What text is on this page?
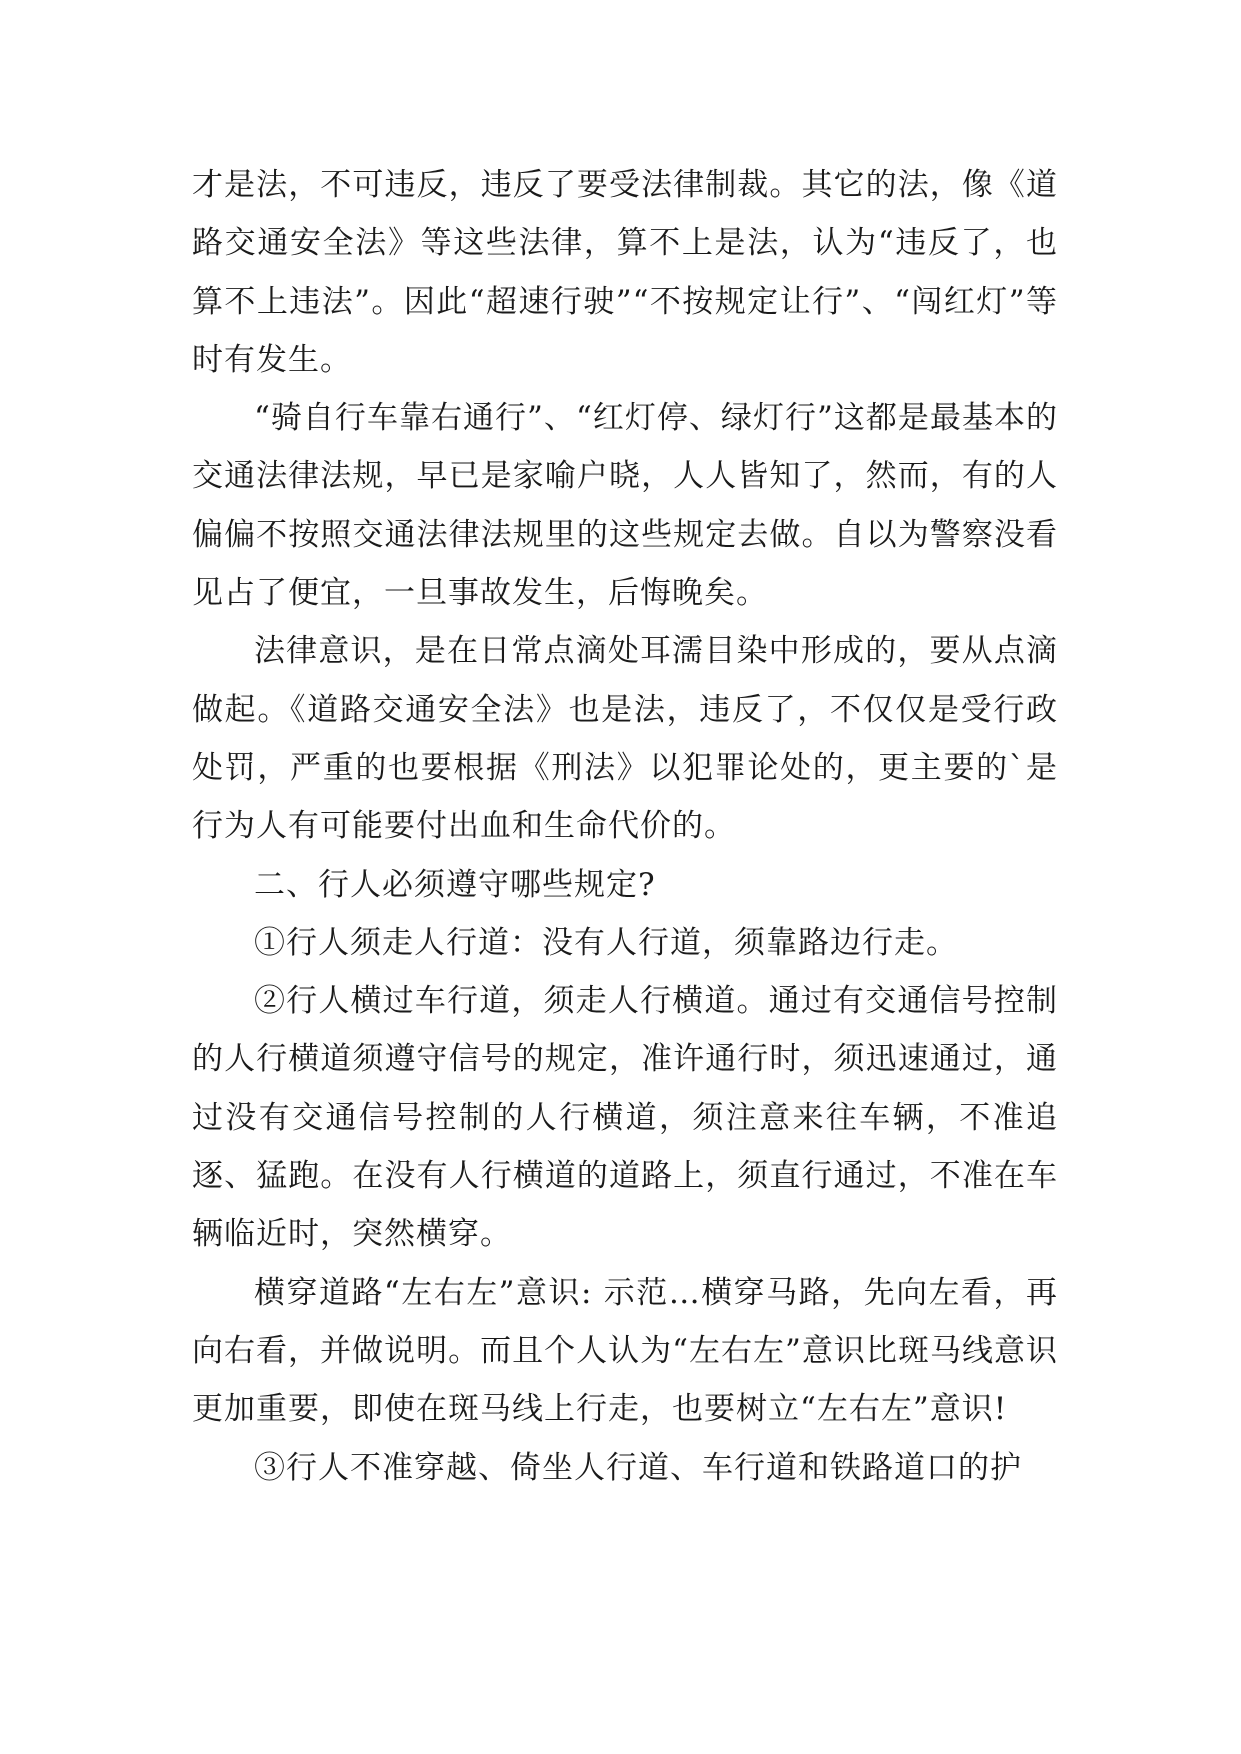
才是法，不可违反，违反了要受法律制裁。其它的法，像《道路交通安全法》等这些法律，算不上是法，认为“违反了，也算不上违法”。因此“超速行驶”“不按规定让行”、“闯红灯”等时有发生。

“骑自行车靠右通行”、“红灯停、绿灯行”这都是最基本的交通法律法规，早已是家喻户晓，人人皆知了，然而，有的人偏偏不按照交通法律法规里的这些规定去做。自以为警察没看见占了便宜，一旦事故发生，后悔晚矣。

法律意识，是在日常点滴处耳濡目染中形成的，要从点滴做起。《道路交通安全法》也是法，违反了，不仅仅是受行政处罚，严重的也要根据《刑法》以犯罪论处的，更主要的`是行为人有可能要付出血和生命代价的。

二、行人必须遵守哪些规定?

①行人须走人行道：没有人行道，须靠路边行走。

②行人横过车行道，须走人行横道。通过有交通信号控制的人行横道须遵守信号的规定，准许通行时，须迅速通过，通过没有交通信号控制的人行横道，须注意来往车辆，不准追逐、猛跑。在没有人行横道的道路上，须直行通过，不准在车辆临近时，突然横穿。

横穿道路“左右左”意识: 示范…横穿马路，先向左看，再向右看，并做说明。而且个人认为“左右左”意识比斑马线意识更加重要，即使在斑马线上行走，也要树立“左右左”意识!

③行人不准穿越、倚坐人行道、车行道和铁路道口的护
